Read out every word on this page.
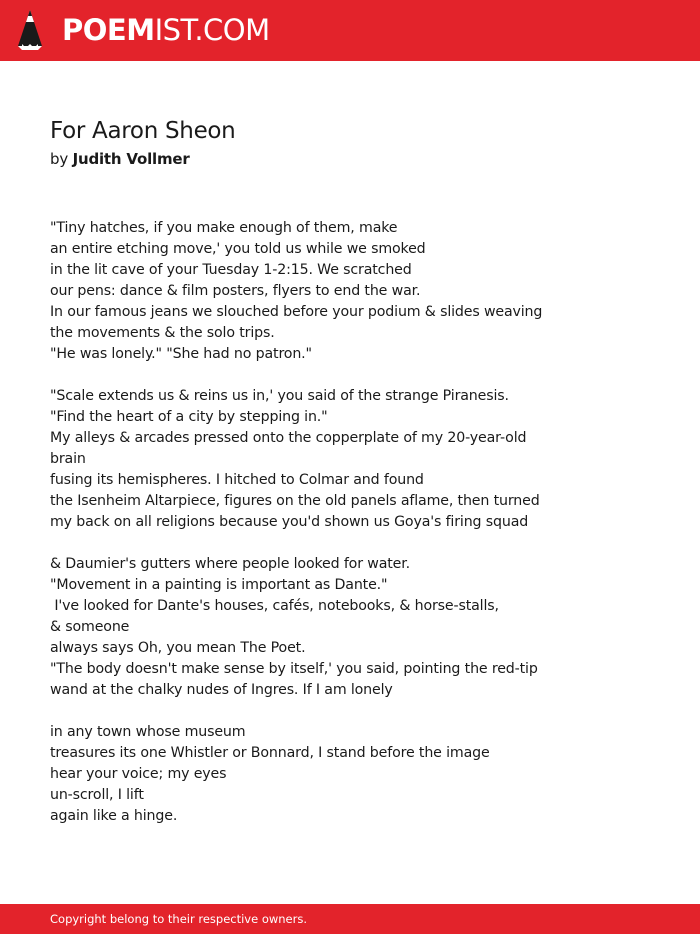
POEMIST.COM
For Aaron Sheon
by Judith Vollmer
"Tiny hatches, if you make enough of them, make
an entire etching move,' you told us while we smoked
in the lit cave of your Tuesday 1-2:15. We scratched
our pens: dance & film posters, flyers to end the war.
In our famous jeans we slouched before your podium & slides weaving
the movements & the solo trips.
"He was lonely." "She had no patron."
"Scale extends us & reins us in,' you said of the strange Piranesis.
"Find the heart of a city by stepping in."
My alleys & arcades pressed onto the copperplate of my 20-year-old
brain
fusing its hemispheres. I hitched to Colmar and found
the Isenheim Altarpiece, figures on the old panels aflame, then turned
my back on all religions because you'd shown us Goya's firing squad
& Daumier's gutters where people looked for water.
"Movement in a painting is important as Dante."
I've looked for Dante's houses, cafés, notebooks, & horse-stalls,
& someone
always says Oh, you mean The Poet.
"The body doesn't make sense by itself,' you said, pointing the red-tip
wand at the chalky nudes of Ingres. If I am lonely
in any town whose museum
treasures its one Whistler or Bonnard, I stand before the image
hear your voice; my eyes
un-scroll, I lift
again like a hinge.
Copyright belong to their respective owners.
